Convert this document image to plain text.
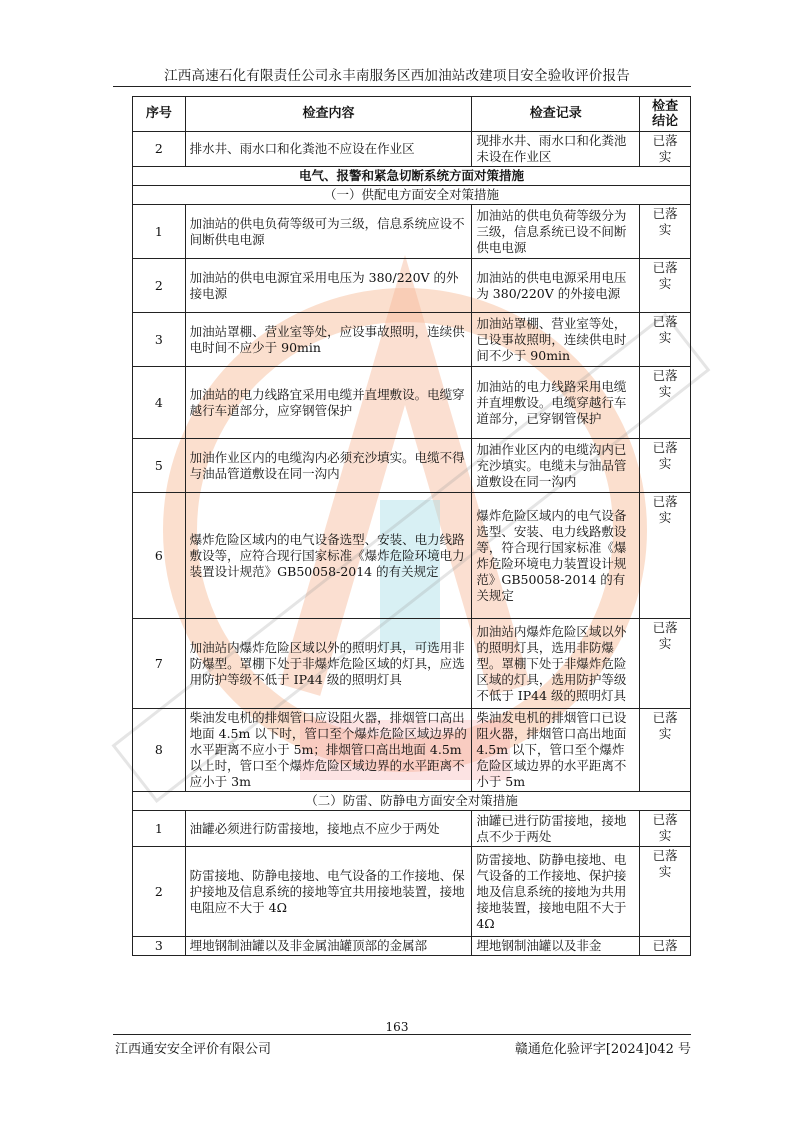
江西高速石化有限责任公司永丰南服务区西加油站改建项目安全验收评价报告
序号	检查内容	检查记录	检查
结论
2	排水井、雨水口和化粪池不应设在作业区	现排水井、雨水口和化粪池未设在作业区	已落
实
电气、报警和紧急切断系统方面对策措施			
（一）供配电方面安全对策措施			
1	加油站的供电负荷等级可为三级，信息系统应设不间断供电电源	加油站的供电负荷等级分为三级，信息系统已设不间断供电电源	已落
实
2	加油站的供电电源宜采用电压为 380/220V 的外接电源	加油站的供电电源采用电压为 380/220V 的外接电源	已落
实
3	加油站罩棚、营业室等处，应设事故照明，连续供电时间不应少于 90min	加油站罩棚、营业室等处，已设事故照明，连续供电时间不少于 90min	已落
实
4	加油站的电力线路宜采用电缆并直埋敷设。电缆穿越行车道部分，应穿钢管保护	加油站的电力线路采用电缆并直埋敷设。电缆穿越行车道部分，已穿钢管保护	已落
实
5	加油作业区内的电缆沟内必须充沙填实。电缆不得与油品管道敷设在同一沟内	加油作业区内的电缆沟内已充沙填实。电缆未与油品管道敷设在同一沟内	已落
实
6	爆炸危险区域内的电气设备选型、安装、电力线路敷设等，应符合现行国家标准《爆炸危险环境电力装置设计规范》GB50058-2014 的有关规定	爆炸危险区域内的电气设备选型、安装、电力线路敷设等，符合现行国家标准《爆炸危险环境电力装置设计规范》GB50058-2014 的有关规定	已落
实
7	加油站内爆炸危险区域以外的照明灯具，可选用非防爆型。罩棚下处于非爆炸危险区域的灯具，应选用防护等级不低于 IP44 级的照明灯具	加油站内爆炸危险区域以外的照明灯具，选用非防爆型。罩棚下处于非爆炸危险区域的灯具，选用防护等级不低于 IP44 级的照明灯具	已落
实
8	柴油发电机的排烟管口应设阻火器，排烟管口高出地面 4.5m 以下时，管口至个爆炸危险区域边界的水平距离不应小于 5m；排烟管口高出地面 4.5m 以上时，管口至个爆炸危险区域边界的水平距离不应小于 3m	柴油发电机的排烟管口已设阻火器，排烟管口高出地面 4.5m 以下，管口至个爆炸危险区域边界的水平距离不小于 5m	已落
实
（二）防雷、防静电方面安全对策措施			
1	油罐必须进行防雷接地，接地点不应少于两处	油罐已进行防雷接地，接地点不少于两处	已落
实
2	防雷接地、防静电接地、电气设备的工作接地、保护接地及信息系统的接地等宜共用接地装置，接地电阻应不大于 4Ω	防雷接地、防静电接地、电气设备的工作接地、保护接地及信息系统的接地为共用接地装置，接地电阻不大于 4Ω	已落
实
3	埋地钢制油罐以及非金属油罐顶部的金属部	埋地钢制油罐以及非金	已落
163
江西通安安全评价有限公司	赣通危化验评字[2024]042 号
